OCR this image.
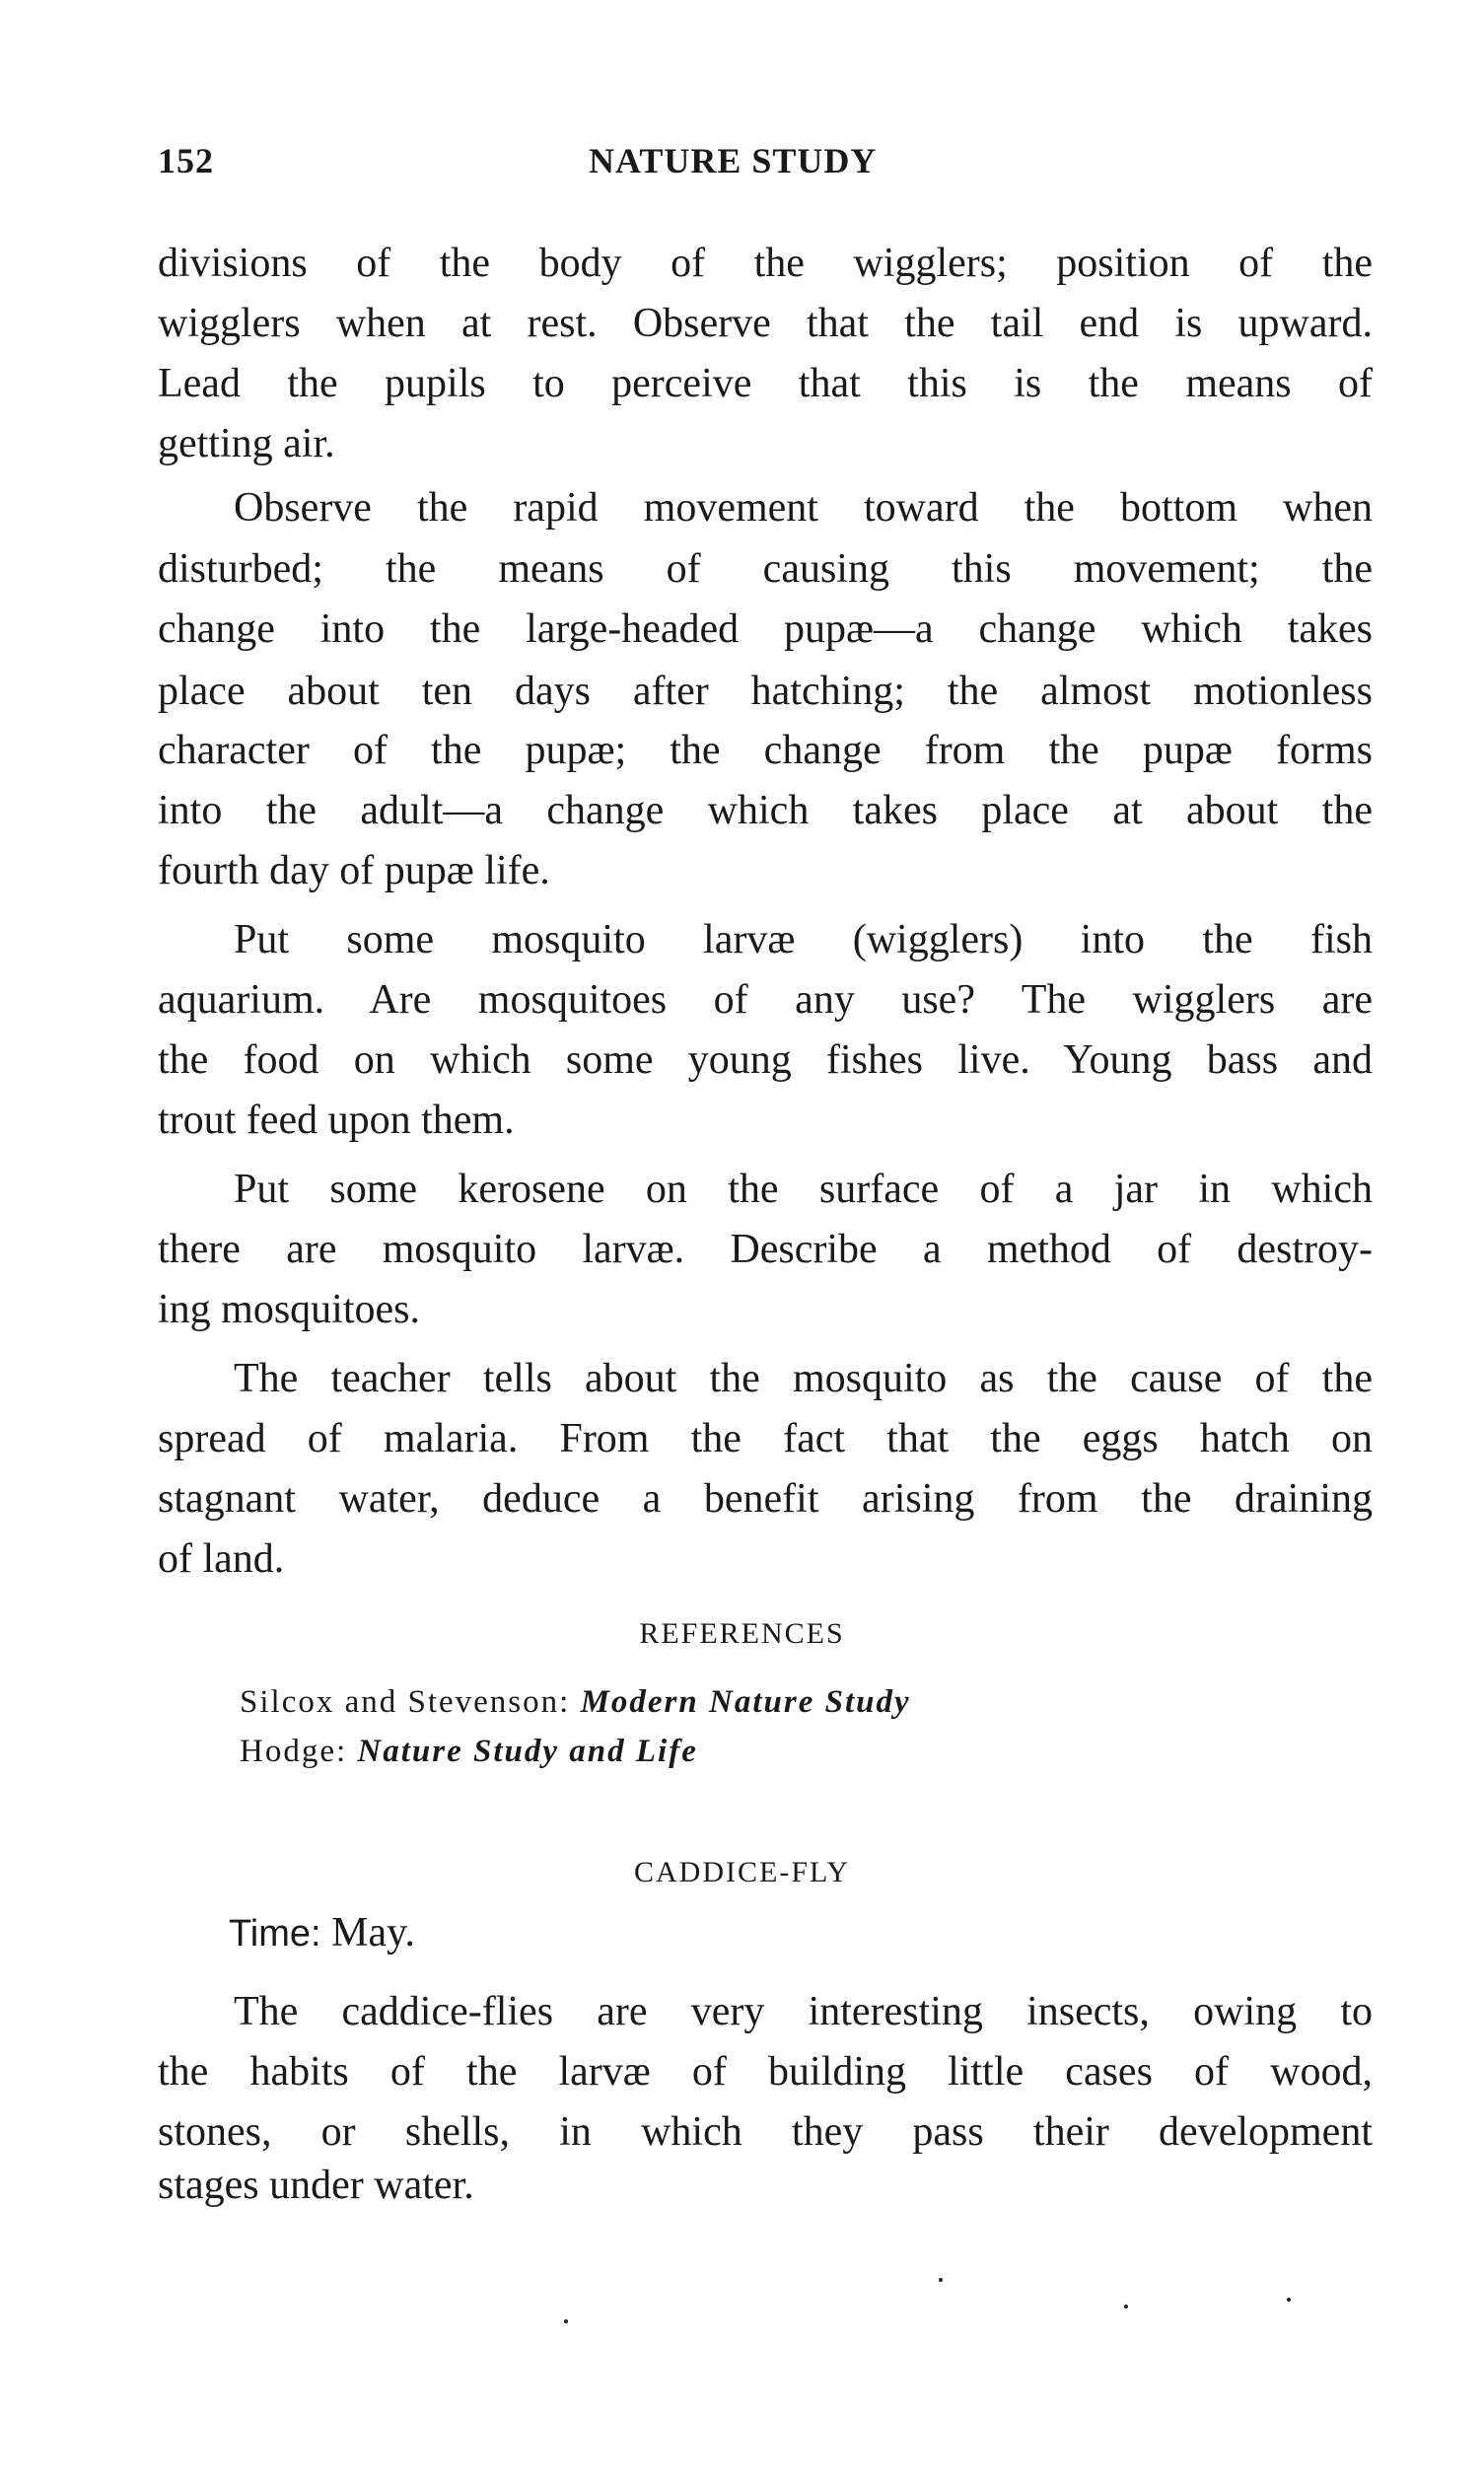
152	NATURE STUDY
divisions of the body of the wigglers; position of the
wigglers when at rest. Observe that the tail end is upward.
Lead the pupils to perceive that this is the means of
getting air.
Observe the rapid movement toward the bottom when
disturbed; the means of causing this movement; the
change into the large-headed pupæ—a change which takes
place about ten days after hatching; the almost motionless
character of the pupæ; the change from the pupæ forms
into the adult—a change which takes place at about the
fourth day of pupæ life.
Put some mosquito larvæ (wigglers) into the fish
aquarium. Are mosquitoes of any use? The wigglers are
the food on which some young fishes live. Young bass and
trout feed upon them.
Put some kerosene on the surface of a jar in which
there are mosquito larvæ. Describe a method of destroy-
ing mosquitoes.
The teacher tells about the mosquito as the cause of the
spread of malaria. From the fact that the eggs hatch on
stagnant water, deduce a benefit arising from the draining
of land.
The caddice-flies are very interesting insects, owing to
the habits of the larvæ of building little cases of wood,
stones, or shells, in which they pass their development
stages under water.
REFERENCES
Silcox and Stevenson: Modern Nature Study
Hodge: Nature Study and Life
CADDICE-FLY
Time: May.
